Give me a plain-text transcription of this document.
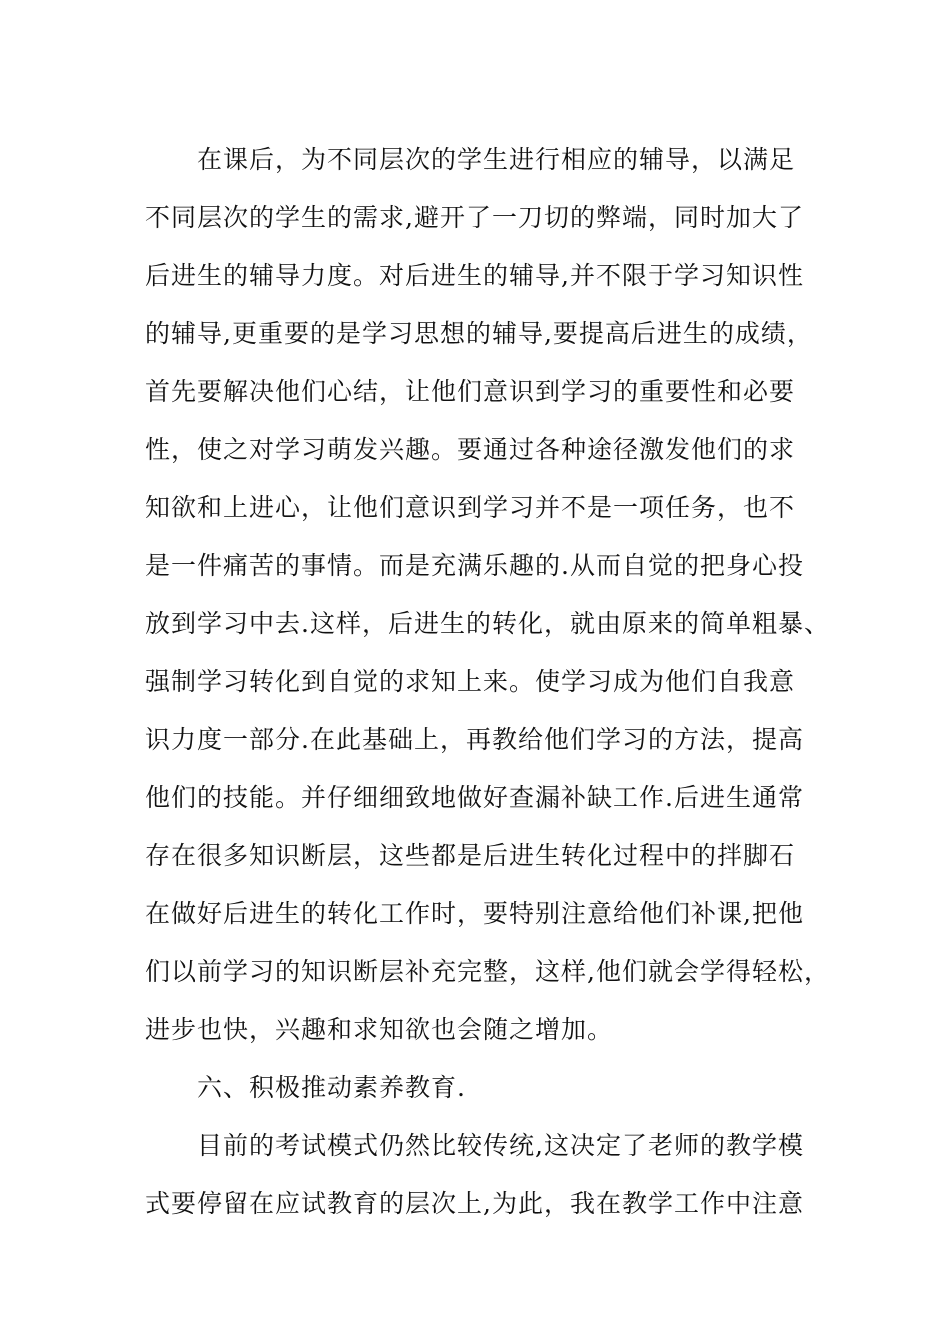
在课后，为不同层次的学生进行相应的辅导，以满足
不同层次的学生的需求,避开了一刀切的弊端，同时加大了
后进生的辅导力度。对后进生的辅导,并不限于学习知识性
的辅导,更重要的是学习思想的辅导,要提高后进生的成绩，
首先要解决他们心结，让他们意识到学习的重要性和必要
性，使之对学习萌发兴趣。要通过各种途径激发他们的求
知欲和上进心，让他们意识到学习并不是一项任务，也不
是一件痛苦的事情。而是充满乐趣的.从而自觉的把身心投
放到学习中去.这样，后进生的转化，就由原来的简单粗暴、
强制学习转化到自觉的求知上来。使学习成为他们自我意
识力度一部分.在此基础上，再教给他们学习的方法，提高
他们的技能。并仔细细致地做好查漏补缺工作.后进生通常
存在很多知识断层，这些都是后进生转化过程中的拌脚石
在做好后进生的转化工作时，要特别注意给他们补课,把他
们以前学习的知识断层补充完整，这样,他们就会学得轻松，
进步也快，兴趣和求知欲也会随之增加。
六、积极推动素养教育.
目前的考试模式仍然比较传统,这决定了老师的教学模
式要停留在应试教育的层次上,为此，我在教学工作中注意
